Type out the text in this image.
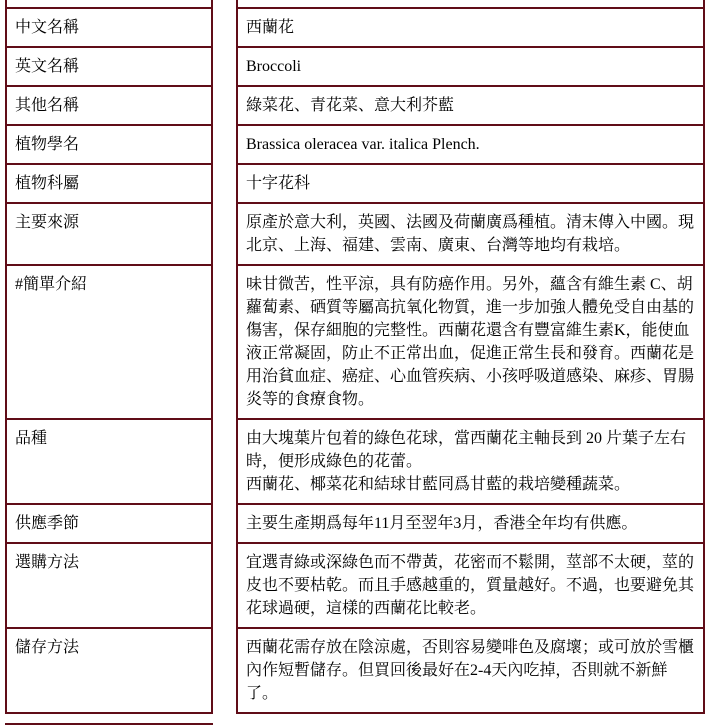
中文名稱	西蘭花
英文名稱	Broccoli
其他名稱	綠菜花、青花菜、意大利芥藍
植物學名	Brassica oleracea var. italica Plench.
植物科屬	十字花科
主要來源	原產於意大利，英國、法國及荷蘭廣爲種植。清末傳入中國。現北京、上海、福建、雲南、廣東、台灣等地均有栽培。
#簡單介紹	味甘微苦，性平涼，具有防癌作用。另外，蘊含有維生素 C、胡蘿蔔素、硒質等屬高抗氧化物質，進一步加強人體免受自由基的傷害，保存細胞的完整性。西蘭花還含有豐富維生素K，能使血液正常凝固，防止不正常出血，促進正常生長和發育。西蘭花是用治貧血症、癌症、心血管疾病、小孩呼吸道感染、麻疹、胃腸炎等的食療食物。
品種	由大塊葉片包着的綠色花球，當西蘭花主軸長到 20 片葉子左右時，便形成綠色的花蕾。
西蘭花、椰菜花和結球甘藍同爲甘藍的栽培變種蔬菜。
供應季節	主要生產期爲每年11月至翌年3月，香港全年均有供應。
選購方法	宜選青綠或深綠色而不帶黃，花密而不鬆開，莖部不太硬，莖的皮也不要枯乾。而且手感越重的，質量越好。不過，也要避免其花球過硬，這樣的西蘭花比較老。
儲存方法	西蘭花需存放在陰涼處，否則容易變啡色及腐壞；或可放於雪櫃內作短暫儲存。但買回後最好在2-4天內吃掉，否則就不新鮮了。
